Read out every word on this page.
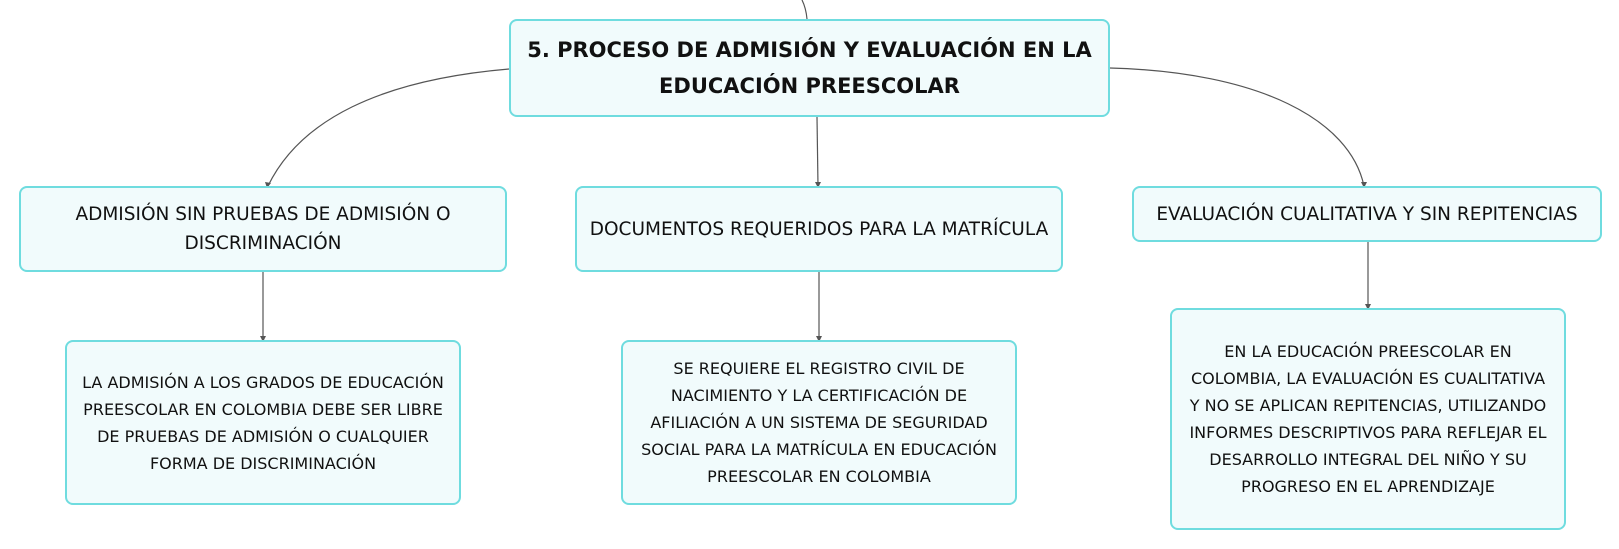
5. PROCESO DE ADMISIÓN Y EVALUACIÓN EN LA
EDUCACIÓN PREESCOLAR
ADMISIÓN SIN PRUEBAS DE ADMISIÓN O
DISCRIMINACIÓN
DOCUMENTOS REQUERIDOS PARA LA MATRÍCULA
EVALUACIÓN CUALITATIVA Y SIN REPITENCIAS
LA ADMISIÓN A LOS GRADOS DE EDUCACIÓN
PREESCOLAR EN COLOMBIA DEBE SER LIBRE
DE PRUEBAS DE ADMISIÓN O CUALQUIER
FORMA DE DISCRIMINACIÓN
SE REQUIERE EL REGISTRO CIVIL DE
NACIMIENTO Y LA CERTIFICACIÓN DE
AFILIACIÓN A UN SISTEMA DE SEGURIDAD
SOCIAL PARA LA MATRÍCULA EN EDUCACIÓN
PREESCOLAR EN COLOMBIA
EN LA EDUCACIÓN PREESCOLAR EN
COLOMBIA, LA EVALUACIÓN ES CUALITATIVA
Y NO SE APLICAN REPITENCIAS, UTILIZANDO
INFORMES DESCRIPTIVOS PARA REFLEJAR EL
DESARROLLO INTEGRAL DEL NIÑO Y SU
PROGRESO EN EL APRENDIZAJE
